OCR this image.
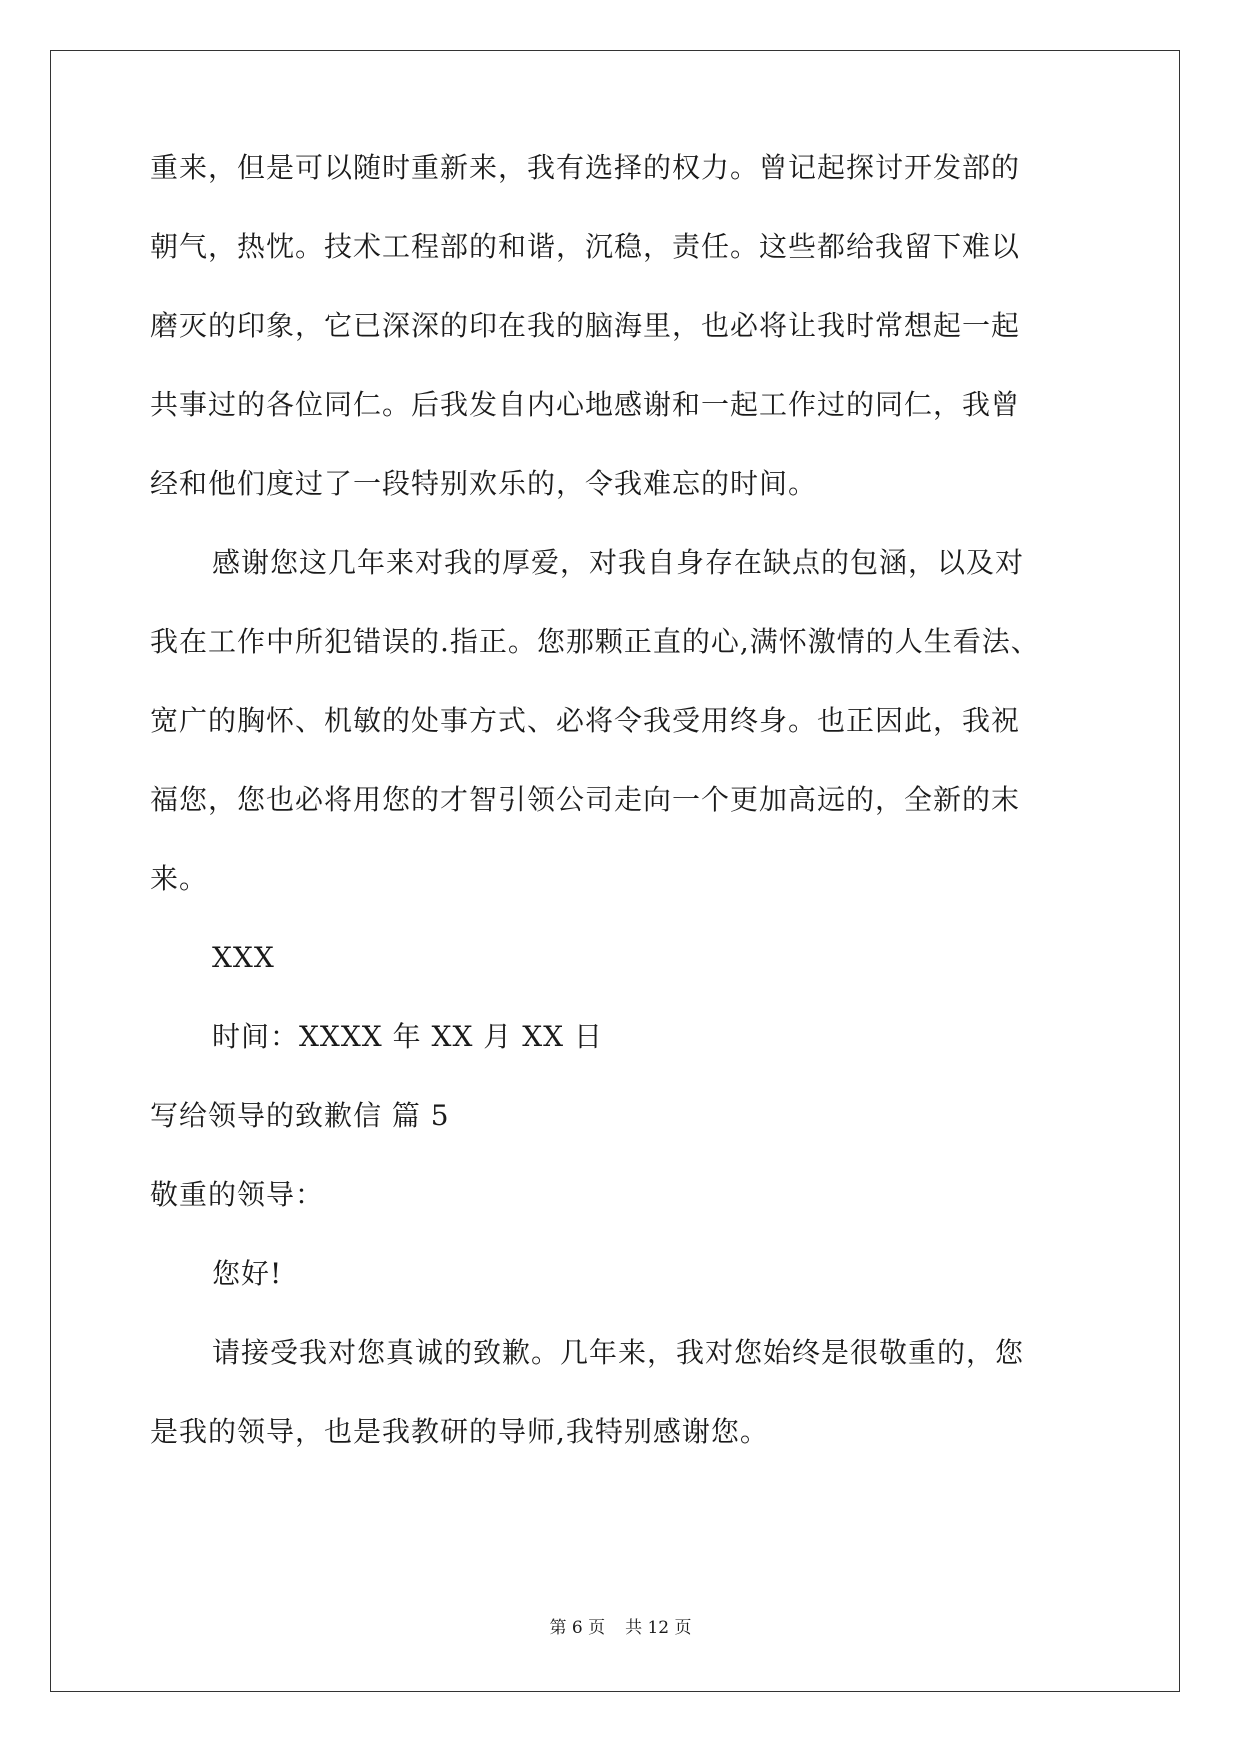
重来，但是可以随时重新来，我有选择的权力。曾记起探讨开发部的
朝气，热忱。技术工程部的和谐，沉稳，责任。这些都给我留下难以
磨灭的印象，它已深深的印在我的脑海里，也必将让我时常想起一起
共事过的各位同仁。后我发自内心地感谢和一起工作过的同仁，我曾
经和他们度过了一段特别欢乐的，令我难忘的时间。
感谢您这几年来对我的厚爱，对我自身存在缺点的包涵，以及对
我在工作中所犯错误的.指正。您那颗正直的心,满怀激情的人生看法、
宽广的胸怀、机敏的处事方式、必将令我受用终身。也正因此，我祝
福您，您也必将用您的才智引领公司走向一个更加高远的，全新的末
来。
XXX
时间：XXXX 年 XX 月 XX 日
写给领导的致歉信 篇 5
敬重的领导：
您好!
请接受我对您真诚的致歉。几年来，我对您始终是很敬重的，您
是我的领导，也是我教研的导师,我特别感谢您。
第 6 页 共 12 页
